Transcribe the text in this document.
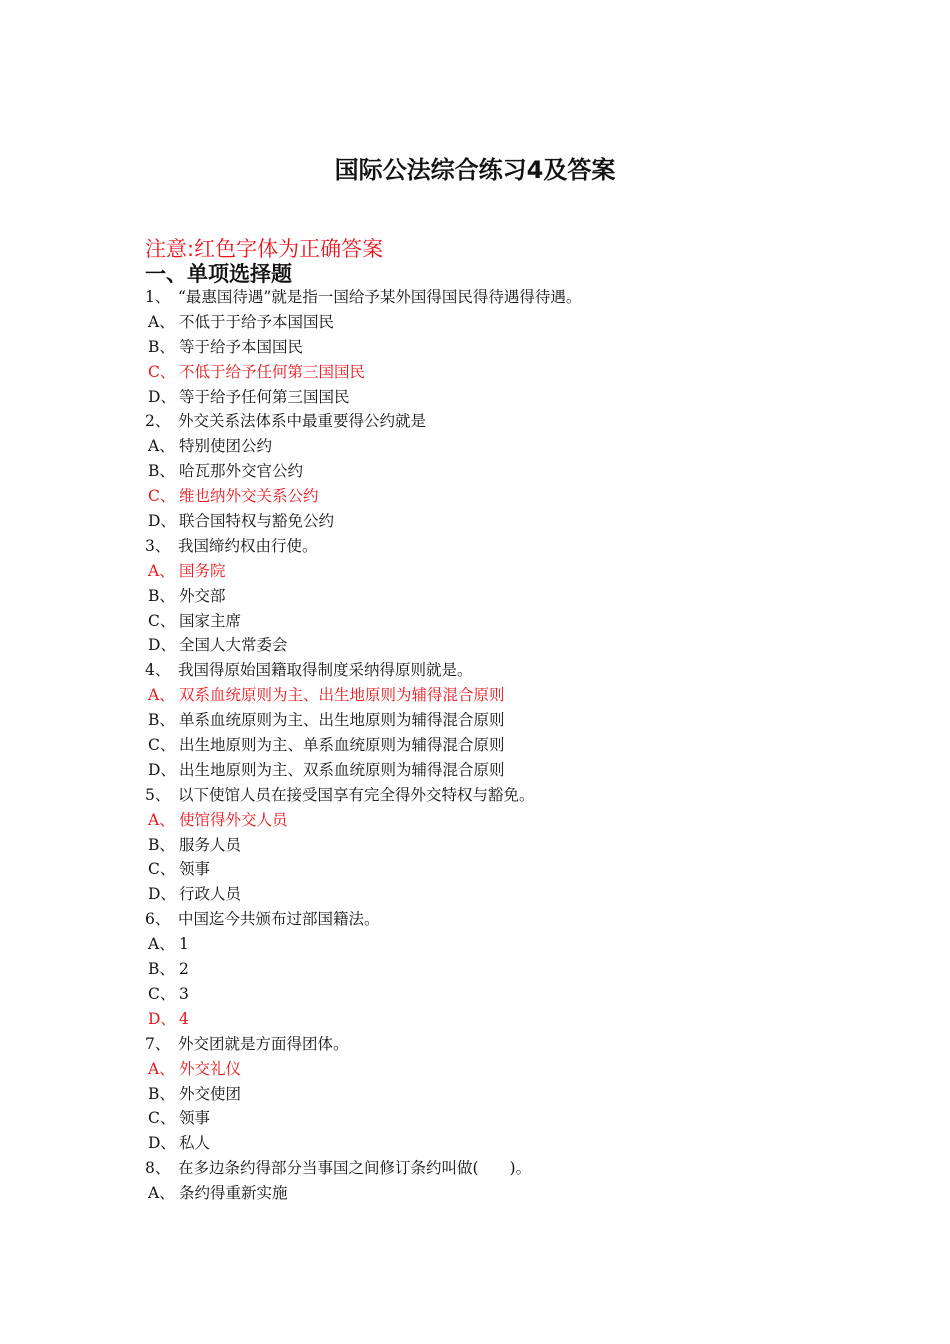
国际公法综合练习4及答案
注意:红色字体为正确答案
一、单项选择题
1、 “最惠国待遇”就是指一国给予某外国得国民得待遇得待遇。
A、 不低于于给予本国国民
B、 等于给予本国国民
C、 不低于给予任何第三国国民
D、 等于给予任何第三国国民
2、 外交关系法体系中最重要得公约就是
A、 特别使团公约
B、 哈瓦那外交官公约
C、 维也纳外交关系公约
D、 联合国特权与豁免公约
3、 我国缔约权由行使。
A、 国务院
B、 外交部
C、 国家主席
D、 全国人大常委会
4、 我国得原始国籍取得制度采纳得原则就是。
A、 双系血统原则为主、出生地原则为辅得混合原则
B、 单系血统原则为主、出生地原则为辅得混合原则
C、 出生地原则为主、单系血统原则为辅得混合原则
D、 出生地原则为主、双系血统原则为辅得混合原则
5、 以下使馆人员在接受国享有完全得外交特权与豁免。
A、 使馆得外交人员
B、 服务人员
C、 领事
D、 行政人员
6、 中国迄今共颁布过部国籍法。
A、 1
B、 2
C、 3
D、 4
7、 外交团就是方面得团体。
A、 外交礼仪
B、 外交使团
C、 领事
D、 私人
8、 在多边条约得部分当事国之间修订条约叫做(　　)。
A、 条约得重新实施
